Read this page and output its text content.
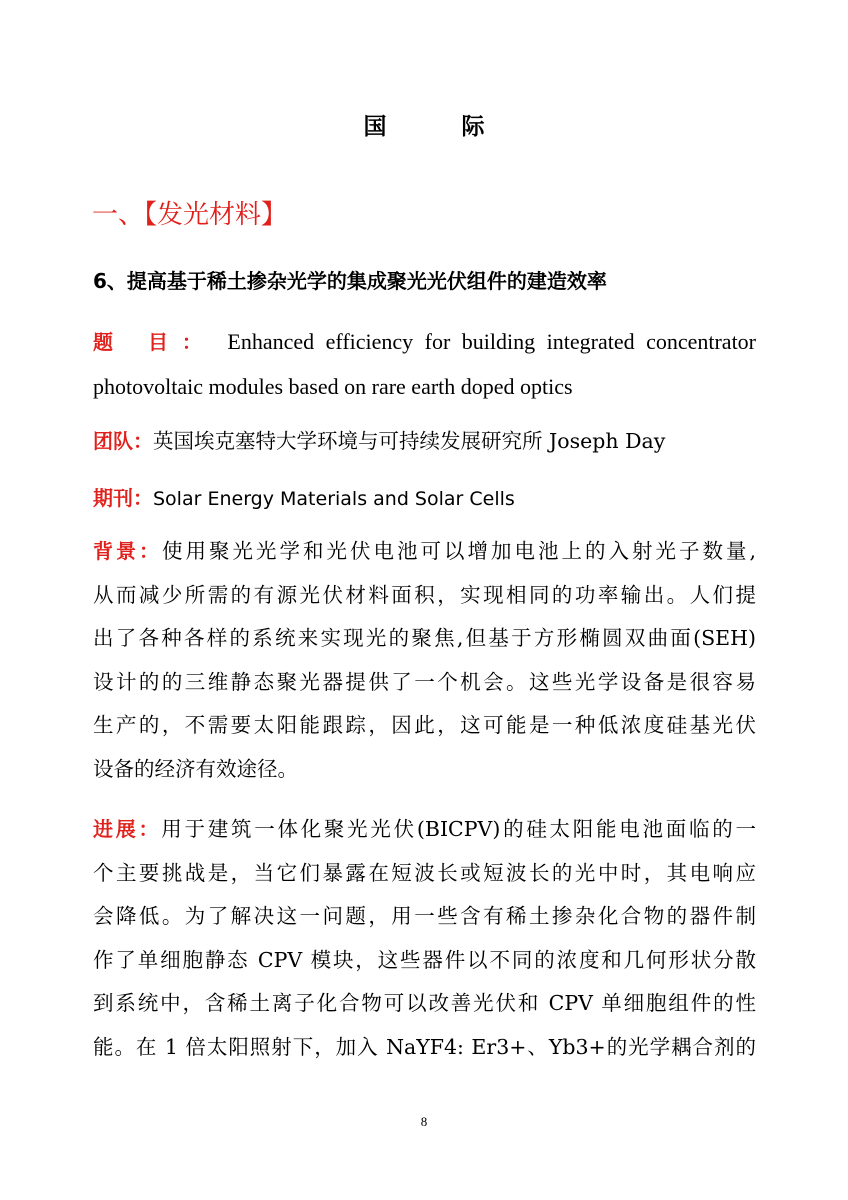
国　际
一、【发光材料】
6、提高基于稀土掺杂光学的集成聚光光伏组件的建造效率
题 目： Enhanced efficiency for building integrated concentrator
photovoltaic modules based on rare earth doped optics
团队：英国埃克塞特大学环境与可持续发展研究所 Joseph Day
期刊：Solar Energy Materials and Solar Cells
背景：使用聚光光学和光伏电池可以增加电池上的入射光子数量,
从而减少所需的有源光伏材料面积，实现相同的功率输出。人们提
出了各种各样的系统来实现光的聚焦,但基于方形椭圆双曲面(SEH)
设计的的三维静态聚光器提供了一个机会。这些光学设备是很容易
生产的，不需要太阳能跟踪，因此，这可能是一种低浓度硅基光伏
设备的经济有效途径。
进展：用于建筑一体化聚光光伏(BICPV)的硅太阳能电池面临的一
个主要挑战是，当它们暴露在短波长或短波长的光中时，其电响应
会降低。为了解决这一问题，用一些含有稀土掺杂化合物的器件制
作了单细胞静态 CPV 模块，这些器件以不同的浓度和几何形状分散
到系统中，含稀土离子化合物可以改善光伏和 CPV 单细胞组件的性
能。在 1 倍太阳照射下，加入 NaYF4: Er3+、Yb3+的光学耦合剂的
8
